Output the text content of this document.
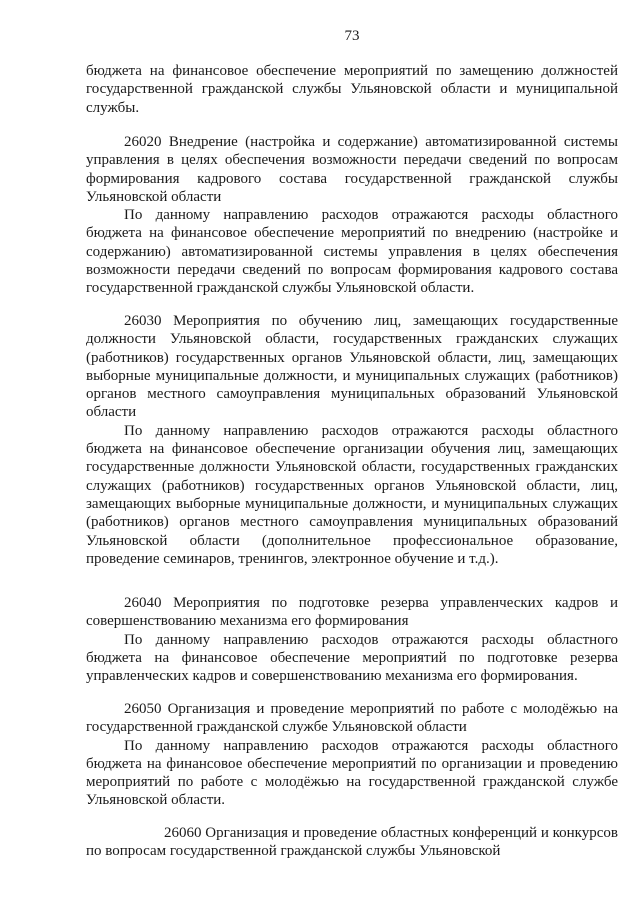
73

бюджета на финансовое обеспечение мероприятий по замещению должностей государственной гражданской службы Ульяновской области и муниципальной службы.

26020 Внедрение (настройка и содержание) автоматизированной системы управления в целях обеспечения возможности передачи сведений по вопросам формирования кадрового состава государственной гражданской службы Ульяновской области

По данному направлению расходов отражаются расходы областного бюджета на финансовое обеспечение мероприятий по внедрению (настройке и содержанию) автоматизированной системы управления в целях обеспечения возможности передачи сведений по вопросам формирования кадрового состава государственной гражданской службы Ульяновской области.

26030 Мероприятия по обучению лиц, замещающих государственные должности Ульяновской области, государственных гражданских служащих (работников) государственных органов Ульяновской области, лиц, замещающих выборные муниципальные должности, и муниципальных служащих (работников) органов местного самоуправления муниципальных образований Ульяновской области

По данному направлению расходов отражаются расходы областного бюджета на финансовое обеспечение организации обучения лиц, замещающих государственные должности Ульяновской области, государственных гражданских служащих (работников) государственных органов Ульяновской области, лиц, замещающих выборные муниципальные должности, и муниципальных служащих (работников) органов местного самоуправления муниципальных образований Ульяновской области (дополнительное профессиональное образование, проведение семинаров, тренингов, электронное обучение и т.д.).

26040 Мероприятия по подготовке резерва управленческих кадров и совершенствованию механизма его формирования

По данному направлению расходов отражаются расходы областного бюджета на финансовое обеспечение мероприятий по подготовке резерва управленческих кадров и совершенствованию механизма его формирования.

26050 Организация и проведение мероприятий по работе с молодёжью на государственной гражданской службе Ульяновской области

По данному направлению расходов отражаются расходы областного бюджета на финансовое обеспечение мероприятий по организации и проведению мероприятий по работе с молодёжью на государственной гражданской службе Ульяновской области.

26060 Организация и проведение областных конференций и конкурсов по вопросам государственной гражданской службы Ульяновской
